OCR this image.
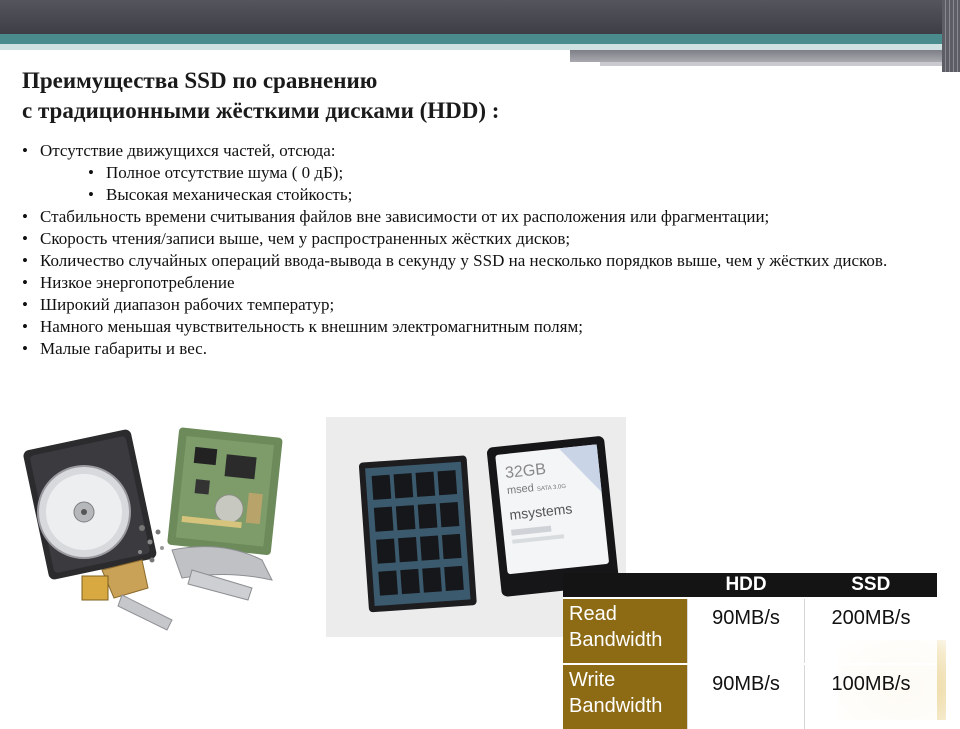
Преимущества SSD по сравнению
с традиционными жёсткими дисками (HDD) :
• Отсутствие движущихся частей, отсюда:
• Полное отсутствие шума ( 0 дБ);
• Высокая механическая стойкость;
• Стабильность времени считывания файлов вне зависимости от их расположения или фрагментации;
• Скорость чтения/записи выше, чем у распространенных жёстких дисков;
• Количество случайных операций ввода-вывода в секунду у SSD на несколько порядков выше, чем у жёстких дисков.
• Низкое энергопотребление
• Широкий диапазон рабочих температур;
• Намного меньшая чувствительность к внешним электромагнитным полям;
• Малые габариты и вес.
32GB
msed SATA 3.0G
msystems
	HDD	SSD
Read Bandwidth	90MB/s	200MB/s
Write Bandwidth	90MB/s	100MB/s
